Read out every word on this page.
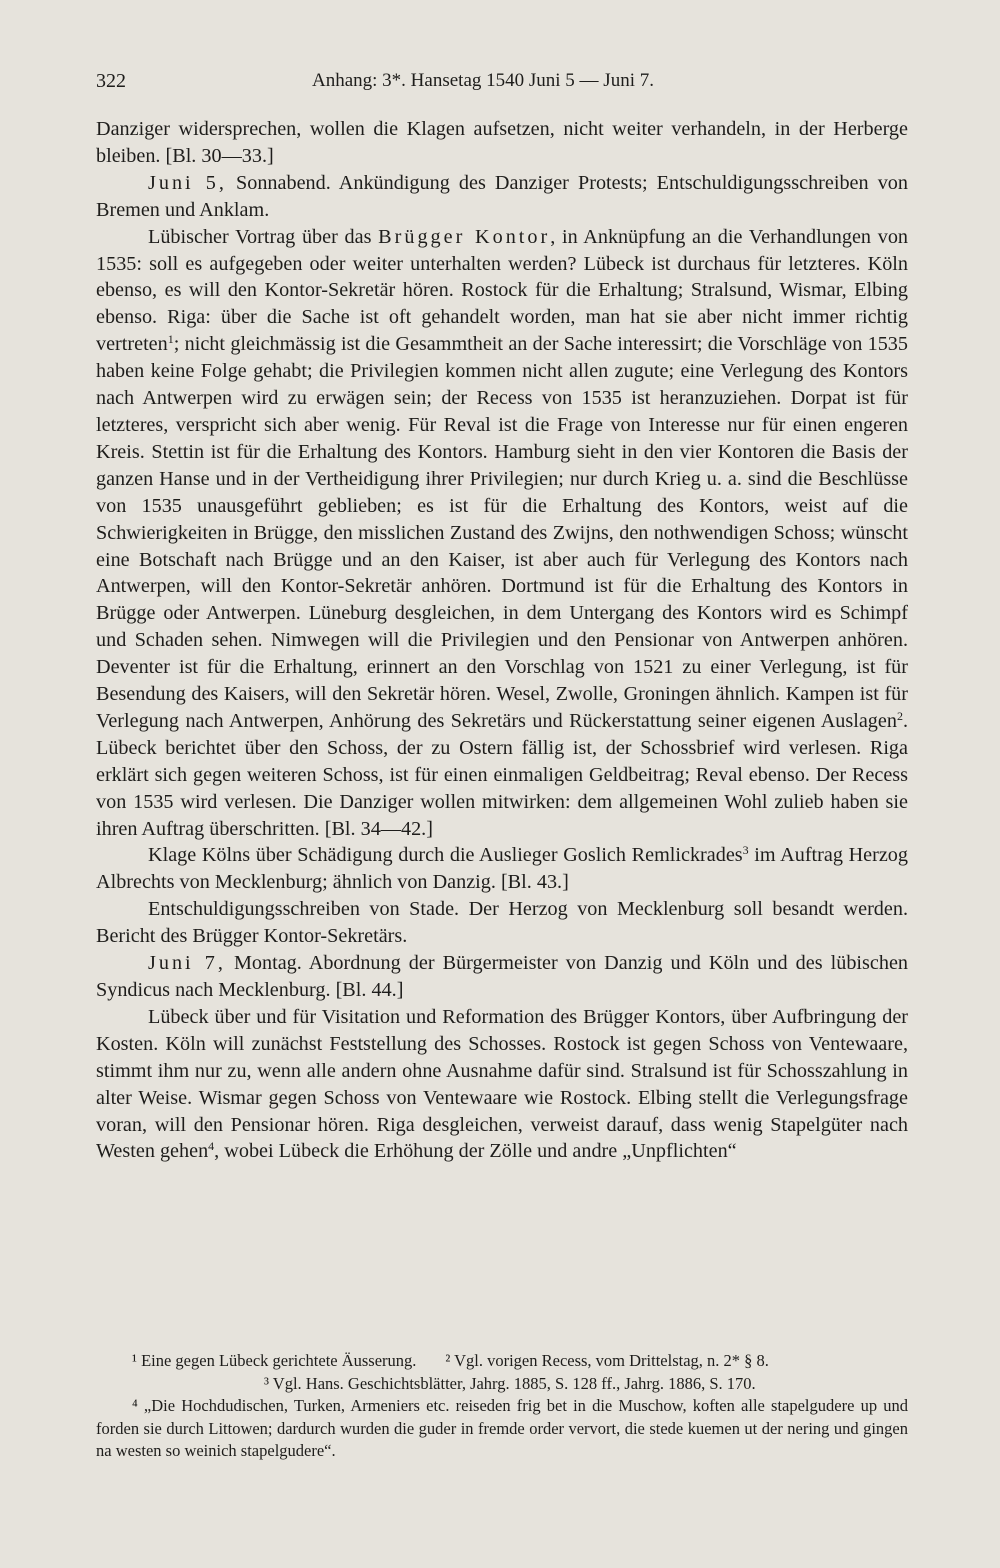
322	Anhang: 3*. Hansetag 1540 Juni 5 — Juni 7.

Danziger widersprechen, wollen die Klagen aufsetzen, nicht weiter verhandeln, in der Herberge bleiben. [Bl. 30—33.]

Juni 5, Sonnabend. Ankündigung des Danziger Protests; Entschuldigungsschreiben von Bremen und Anklam.

Lübischer Vortrag über das Brügger Kontor, in Anknüpfung an die Verhandlungen von 1535: soll es aufgegeben oder weiter unterhalten werden? Lübeck ist durchaus für letzteres. Köln ebenso, es will den Kontor-Sekretär hören. Rostock für die Erhaltung; Stralsund, Wismar, Elbing ebenso. Riga: über die Sache ist oft gehandelt worden, man hat sie aber nicht immer richtig vertreten$^1$; nicht gleichmässig ist die Gesammtheit an der Sache interessirt; die Vorschläge von 1535 haben keine Folge gehabt; die Privilegien kommen nicht allen zugute; eine Verlegung des Kontors nach Antwerpen wird zu erwägen sein; der Recess von 1535 ist heranzuziehen. Dorpat ist für letzteres, verspricht sich aber wenig. Für Reval ist die Frage von Interesse nur für einen engeren Kreis. Stettin ist für die Erhaltung des Kontors. Hamburg sieht in den vier Kontoren die Basis der ganzen Hanse und in der Vertheidigung ihrer Privilegien; nur durch Krieg u. a. sind die Beschlüsse von 1535 unausgeführt geblieben; es ist für die Erhaltung des Kontors, weist auf die Schwierigkeiten in Brügge, den misslichen Zustand des Zwijns, den nothwendigen Schoss; wünscht eine Botschaft nach Brügge und an den Kaiser, ist aber auch für Verlegung des Kontors nach Antwerpen, will den Kontor-Sekretär anhören. Dortmund ist für die Erhaltung des Kontors in Brügge oder Antwerpen. Lüneburg desgleichen, in dem Untergang des Kontors wird es Schimpf und Schaden sehen. Nimwegen will die Privilegien und den Pensionar von Antwerpen anhören. Deventer ist für die Erhaltung, erinnert an den Vorschlag von 1521 zu einer Verlegung, ist für Besendung des Kaisers, will den Sekretär hören. Wesel, Zwolle, Groningen ähnlich. Kampen ist für Verlegung nach Antwerpen, Anhörung des Sekretärs und Rückerstattung seiner eigenen Auslagen$^2$. Lübeck berichtet über den Schoss, der zu Ostern fällig ist, der Schossbrief wird verlesen. Riga erklärt sich gegen weiteren Schoss, ist für einen einmaligen Geldbeitrag; Reval ebenso. Der Recess von 1535 wird verlesen. Die Danziger wollen mitwirken: dem allgemeinen Wohl zulieb haben sie ihren Auftrag überschritten. [Bl. 34—42.]

Klage Kölns über Schädigung durch die Auslieger Goslich Remlickrades$^3$ im Auftrag Herzog Albrechts von Mecklenburg; ähnlich von Danzig. [Bl. 43.]

Entschuldigungsschreiben von Stade. Der Herzog von Mecklenburg soll besandt werden. Bericht des Brügger Kontor-Sekretärs.

Juni 7, Montag. Abordnung der Bürgermeister von Danzig und Köln und des lübischen Syndicus nach Mecklenburg. [Bl. 44.]

Lübeck über und für Visitation und Reformation des Brügger Kontors, über Aufbringung der Kosten. Köln will zunächst Feststellung des Schosses. Rostock ist gegen Schoss von Ventewaare, stimmt ihm nur zu, wenn alle andern ohne Ausnahme dafür sind. Stralsund ist für Schosszahlung in alter Weise. Wismar gegen Schoss von Ventewaare wie Rostock. Elbing stellt die Verlegungsfrage voran, will den Pensionar hören. Riga desgleichen, verweist darauf, dass wenig Stapelgüter nach Westen gehen$^4$, wobei Lübeck die Erhöhung der Zölle und andre „Unpflichten“

¹ Eine gegen Lübeck gerichtete Äusserung. ² Vgl. vorigen Recess, vom Drittelstag, n. 2* § 8.

³ Vgl. Hans. Geschichtsblätter, Jahrg. 1885, S. 128 ff., Jahrg. 1886, S. 170.

⁴ „Die Hochdudischen, Turken, Armeniers etc. reiseden frig bet in die Muschow, koften alle stapelgudere up und forden sie durch Littowen; dardurch wurden die guder in fremde order vervort, die stede kuemen ut der nering und gingen na westen so weinich stapelgudere“.
